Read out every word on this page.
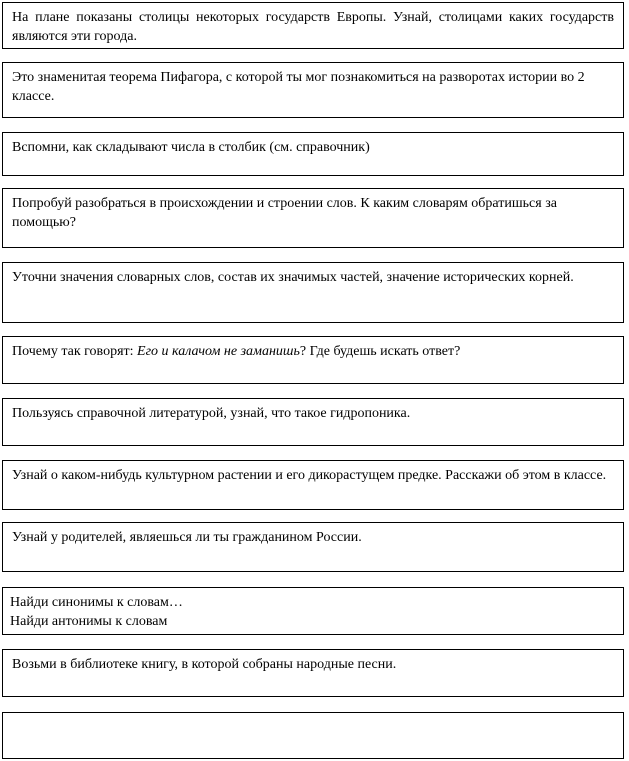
На плане показаны столицы некоторых государств Европы. Узнай, столицами каких государств являются эти города.

Это знаменитая теорема Пифагора, с которой ты мог познакомиться на разворотах истории во 2 классе.

Вспомни, как складывают числа в столбик (см. справочник)

Попробуй разобраться в происхождении и строении слов. К каким словарям обратишься за помощью?

Уточни значения словарных слов, состав их значимых частей, значение исторических корней.

Почему так говорят: Его и калачом не заманишь? Где будешь искать ответ?

Пользуясь справочной литературой, узнай, что такое гидропоника.

Узнай о каком-нибудь культурном растении и его дикорастущем предке. Расскажи об этом в классе.

Узнай у родителей, являешься ли ты гражданином России.

Найди синонимы к словам…
Найди антонимы к словам

Возьми в библиотеке книгу, в которой собраны народные песни.
